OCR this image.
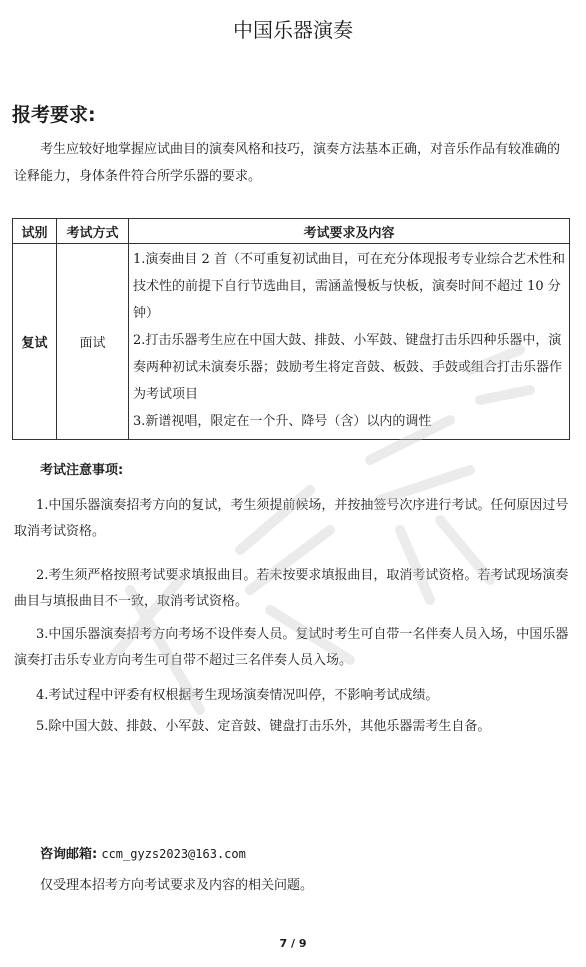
中国乐器演奏
报考要求:
考生应较好地掌握应试曲目的演奏风格和技巧，演奏方法基本正确，对音乐作品有较准确的诠释能力，身体条件符合所学乐器的要求。
试别	考试方式	考试要求及内容
复试	面试	1.演奏曲目 2 首（不可重复初试曲目，可在充分体现报考专业综合艺术性和技术性的前提下自行节选曲目，需涵盖慢板与快板，演奏时间不超过 10 分钟）
2.打击乐器考生应在中国大鼓、排鼓、小军鼓、键盘打击乐四种乐器中，演奏两种初试未演奏乐器；鼓励考生将定音鼓、板鼓、手鼓或组合打击乐器作为考试项目
3.新谱视唱，限定在一个升、降号（含）以内的调性
考试注意事项:
1.中国乐器演奏招考方向的复试，考生须提前候场，并按抽签号次序进行考试。任何原因过号取消考试资格。
2.考生须严格按照考试要求填报曲目。若未按要求填报曲目，取消考试资格。若考试现场演奏曲目与填报曲目不一致，取消考试资格。
3.中国乐器演奏招考方向考场不设伴奏人员。复试时考生可自带一名伴奏人员入场，中国乐器演奏打击乐专业方向考生可自带不超过三名伴奏人员入场。
4.考试过程中评委有权根据考生现场演奏情况叫停，不影响考试成绩。
5.除中国大鼓、排鼓、小军鼓、定音鼓、键盘打击乐外，其他乐器需考生自备。
咨询邮箱: ccm_gyzs2023@163.com
仅受理本招考方向考试要求及内容的相关问题。
7 / 9
